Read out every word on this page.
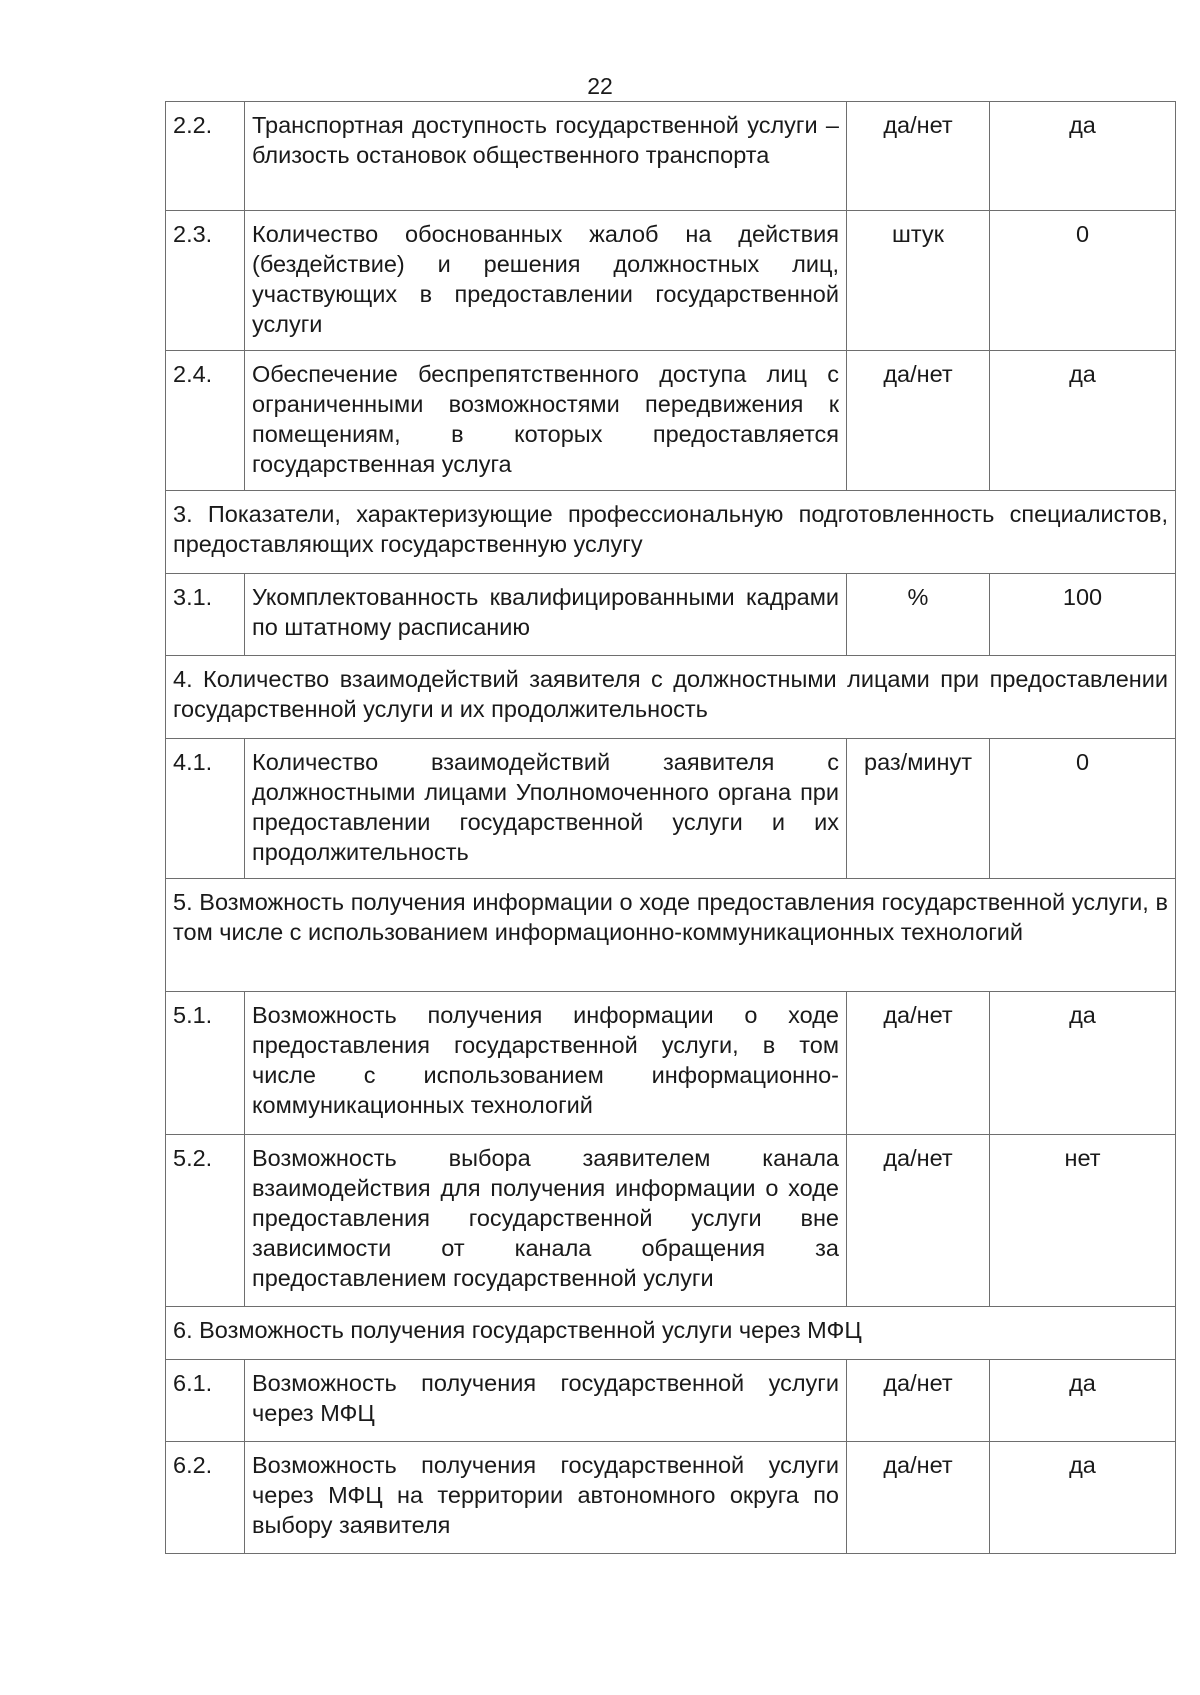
22
2.2.	Транспортная доступность государственной услуги – близость остановок общественного транспорта	да/нет	да
2.3.	Количество обоснованных жалоб на действия (бездействие) и решения должностных лиц, участвующих в предоставлении государственной услуги	штук	0
2.4.	Обеспечение беспрепятственного доступа лиц с ограниченными возможностями передвижения к помещениям, в которых предоставляется государственная услуга	да/нет	да
3. Показатели, характеризующие профессиональную подготовленность специалистов, предоставляющих государственную услугу			
3.1.	Укомплектованность квалифицированными кадрами по штатному расписанию	%	100
4. Количество взаимодействий заявителя с должностными лицами при предоставлении государственной услуги и их продолжительность			
4.1.	Количество взаимодействий заявителя с должностными лицами Уполномоченного органа при предоставлении государственной услуги и их продолжительность	раз/минут	0
5. Возможность получения информации о ходе предоставления государственной услуги, в том числе с использованием информационно-коммуникационных технологий			
5.1.	Возможность получения информации о ходе предоставления государственной услуги, в том числе с использованием информационно-коммуникационных технологий	да/нет	да
5.2.	Возможность выбора заявителем канала взаимодействия для получения информации о ходе предоставления государственной услуги вне зависимости от канала обращения за предоставлением государственной услуги	да/нет	нет
6. Возможность получения государственной услуги через МФЦ			
6.1.	Возможность получения государственной услуги через МФЦ	да/нет	да
6.2.	Возможность получения государственной услуги через МФЦ на территории автономного округа по выбору заявителя	да/нет	да
